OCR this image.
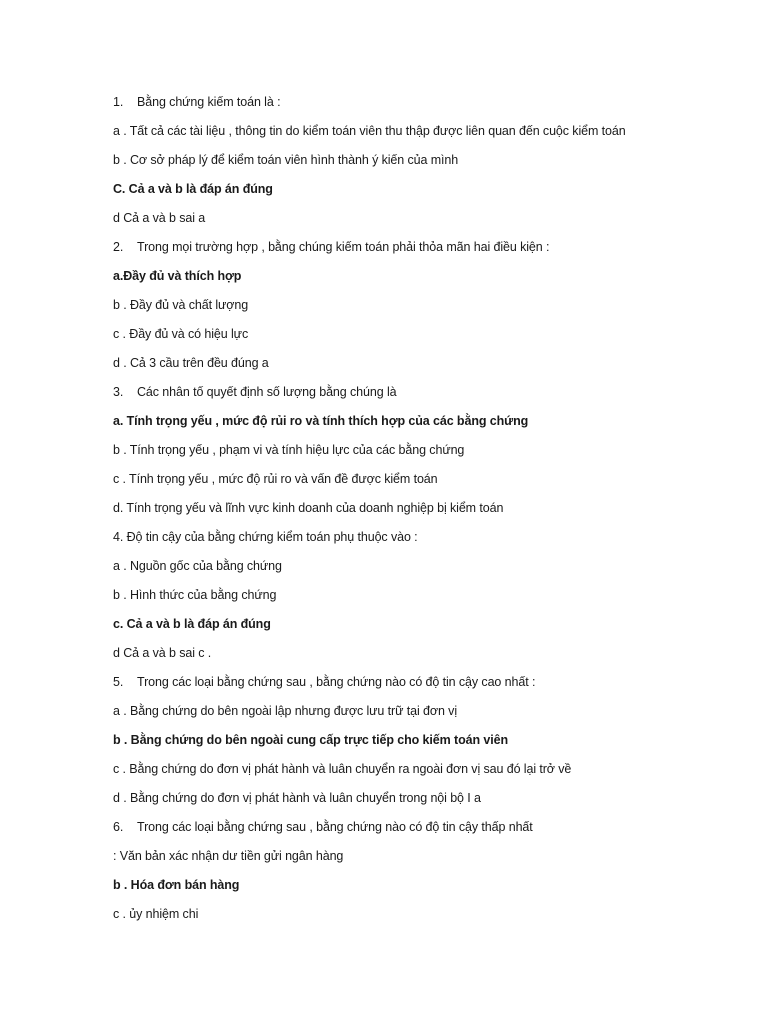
1. Bằng chứng kiếm toán là :
a . Tất cả các tài liệu , thông tin do kiểm toán viên thu thập được liên quan đến cuộc kiểm toán
b . Cơ sở pháp lý để kiểm toán viên hình thành ý kiến của mình
C. Cả a và b là đáp án đúng
d Cả a và b sai a
2. Trong mọi trường hợp , bằng chúng kiếm toán phải thỏa mãn hai điều kiện :
a.Đầy đủ và thích hợp
b . Đầy đủ và chất lượng
c . Đầy đủ và có hiệu lực
d . Cả 3 cầu trên đều đúng a
3. Các nhân tố quyết định số lượng bằng chúng là
a. Tính trọng yếu , mức độ rủi ro và tính thích hợp của các bằng chứng
b . Tính trọng yếu , phạm vi và tính hiệu lực của các bằng chứng
c . Tính trọng yếu , mức độ rủi ro và vấn đề được kiểm toán
d. Tính trọng yếu và lĩnh vực kinh doanh của doanh nghiệp bị kiểm toán
4. Độ tin cậy của bằng chứng kiểm toán phụ thuộc vào :
a . Nguồn gốc của bằng chứng
b . Hình thức của bằng chứng
c. Cả a và b là đáp án đúng
d Cả a và b sai c .
5. Trong các loại bằng chứng sau , bằng chứng nào có độ tin cậy cao nhất :
a . Bằng chứng do bên ngoài lập nhưng được lưu trữ tại đơn vị
b . Bằng chứng do bên ngoài cung cấp trực tiếp cho kiếm toán viên
c . Bằng chứng do đơn vị phát hành và luân chuyển ra ngoài đơn vị sau đó lại trở về
d . Bằng chứng do đơn vị phát hành và luân chuyển trong nội bộ I a
6. Trong các loại bằng chứng sau , bằng chứng nào có độ tin cậy thấp nhất
: Văn bản xác nhận dư tiền gửi ngân hàng
b . Hóa đơn bán hàng
c . ủy nhiệm chi
